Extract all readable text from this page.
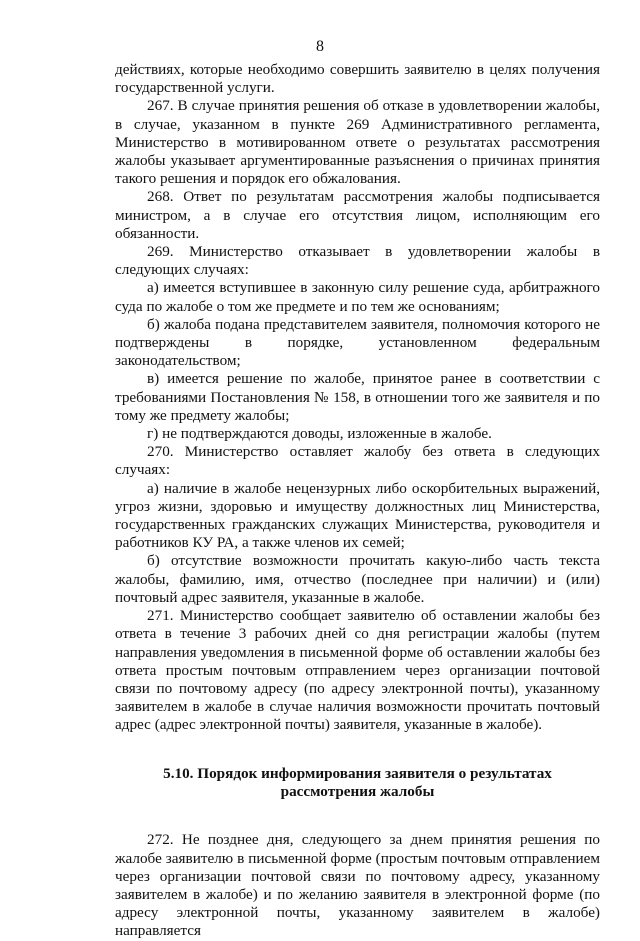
8

действиях, которые необходимо совершить заявителю в целях получения государственной услуги.

267. В случае принятия решения об отказе в удовлетворении жалобы, в случае, указанном в пункте 269 Административного регламента, Министерство в мотивированном ответе о результатах рассмотрения жалобы указывает аргументированные разъяснения о причинах принятия такого решения и порядок его обжалования.

268. Ответ по результатам рассмотрения жалобы подписывается министром, а в случае его отсутствия лицом, исполняющим его обязанности.

269. Министерство отказывает в удовлетворении жалобы в следующих случаях:

а) имеется вступившее в законную силу решение суда, арбитражного суда по жалобе о том же предмете и по тем же основаниям;

б) жалоба подана представителем заявителя, полномочия которого не подтверждены в порядке, установленном федеральным законодательством;

в) имеется решение по жалобе, принятое ранее в соответствии с требованиями Постановления № 158, в отношении того же заявителя и по тому же предмету жалобы;

г) не подтверждаются доводы, изложенные в жалобе.

270. Министерство оставляет жалобу без ответа в следующих случаях:

а) наличие в жалобе нецензурных либо оскорбительных выражений, угроз жизни, здоровью и имуществу должностных лиц Министерства, государственных гражданских служащих Министерства, руководителя и работников КУ РА, а также членов их семей;

б) отсутствие возможности прочитать какую-либо часть текста жалобы, фамилию, имя, отчество (последнее при наличии) и (или) почтовый адрес заявителя, указанные в жалобе.

271. Министерство сообщает заявителю об оставлении жалобы без ответа в течение 3 рабочих дней со дня регистрации жалобы (путем направления уведомления в письменной форме об оставлении жалобы без ответа простым почтовым отправлением через организации почтовой связи по почтовому адресу (по адресу электронной почты), указанному заявителем в жалобе в случае наличия возможности прочитать почтовый адрес (адрес электронной почты) заявителя, указанные в жалобе).

5.10. Порядок информирования заявителя о результатах
рассмотрения жалобы

272. Не позднее дня, следующего за днем принятия решения по жалобе заявителю в письменной форме (простым почтовым отправлением через организации почтовой связи по почтовому адресу, указанному заявителем в жалобе) и по желанию заявителя в электронной форме (по адресу электронной почты, указанному заявителем в жалобе) направляется
